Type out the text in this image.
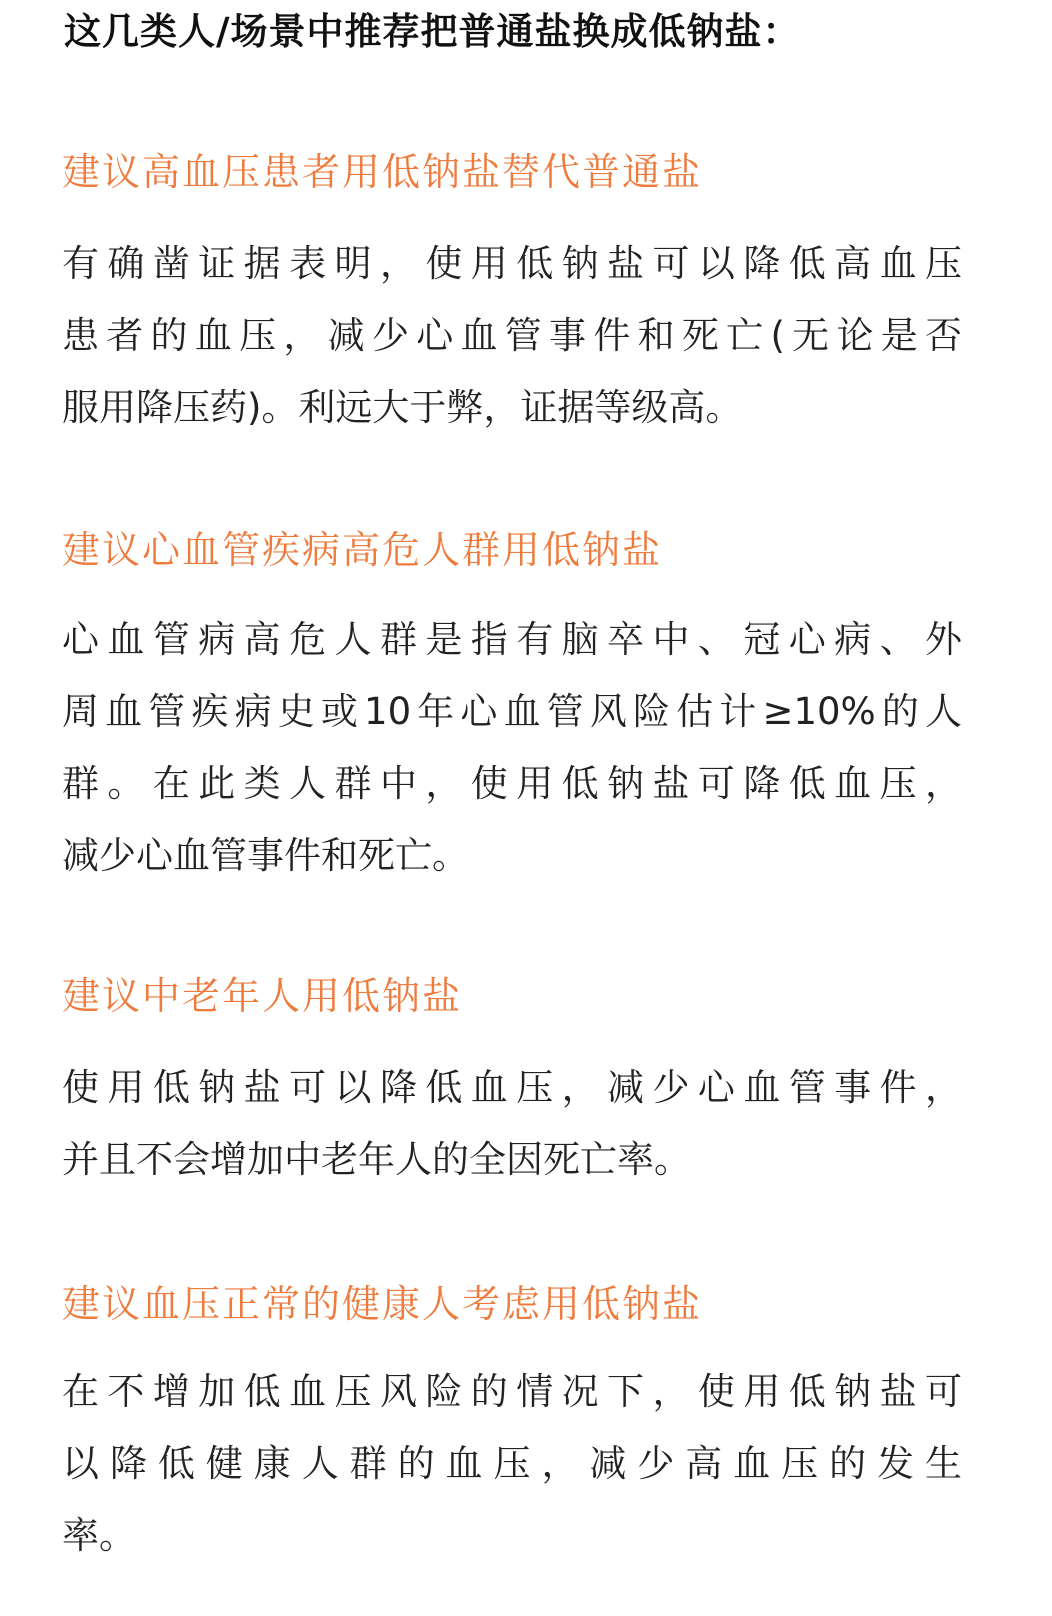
这几类人/场景中推荐把普通盐换成低钠盐：
建议高血压患者用低钠盐替代普通盐
有确凿证据表明，使用低钠盐可以降低高血压
患者的血压，减少心血管事件和死亡(无论是否
服用降压药)。利远大于弊，证据等级高。
建议心血管疾病高危人群用低钠盐
心血管病高危人群是指有脑卒中、冠心病、外
周血管疾病史或10年心血管风险估计≥10%的人
群。在此类人群中，使用低钠盐可降低血压，
减少心血管事件和死亡。
建议中老年人用低钠盐
使用低钠盐可以降低血压，减少心血管事件，
并且不会增加中老年人的全因死亡率。
建议血压正常的健康人考虑用低钠盐
在不增加低血压风险的情况下，使用低钠盐可
以降低健康人群的血压，减少高血压的发生
率。
